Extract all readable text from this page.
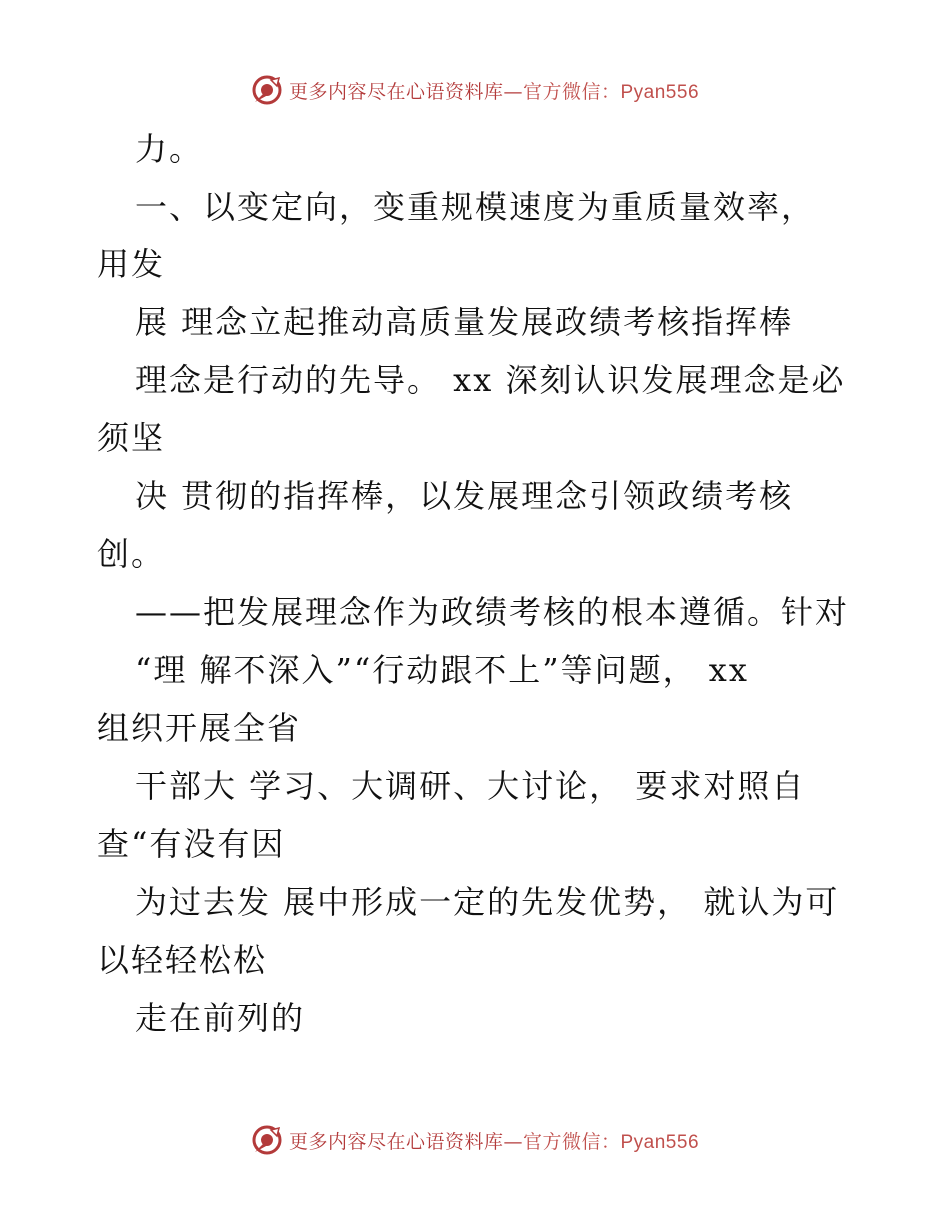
更多内容尽在心语资料库—官方微信：Pyan556
力。
一、以变定向，变重规模速度为重质量效率，
用发
展 理念立起推动高质量发展政绩考核指挥棒
理念是行动的先导。 xx 深刻认识发展理念是必
须坚
决 贯彻的指挥棒，以发展理念引领政绩考核
创。
——把发展理念作为政绩考核的根本遵循。针对
“理 解不深入”“行动跟不上”等问题， xx
组织开展全省
干部大 学习、大调研、大讨论， 要求对照自
查“有没有因
为过去发 展中形成一定的先发优势， 就认为可
以轻轻松松
走在前列的
更多内容尽在心语资料库—官方微信：Pyan556
